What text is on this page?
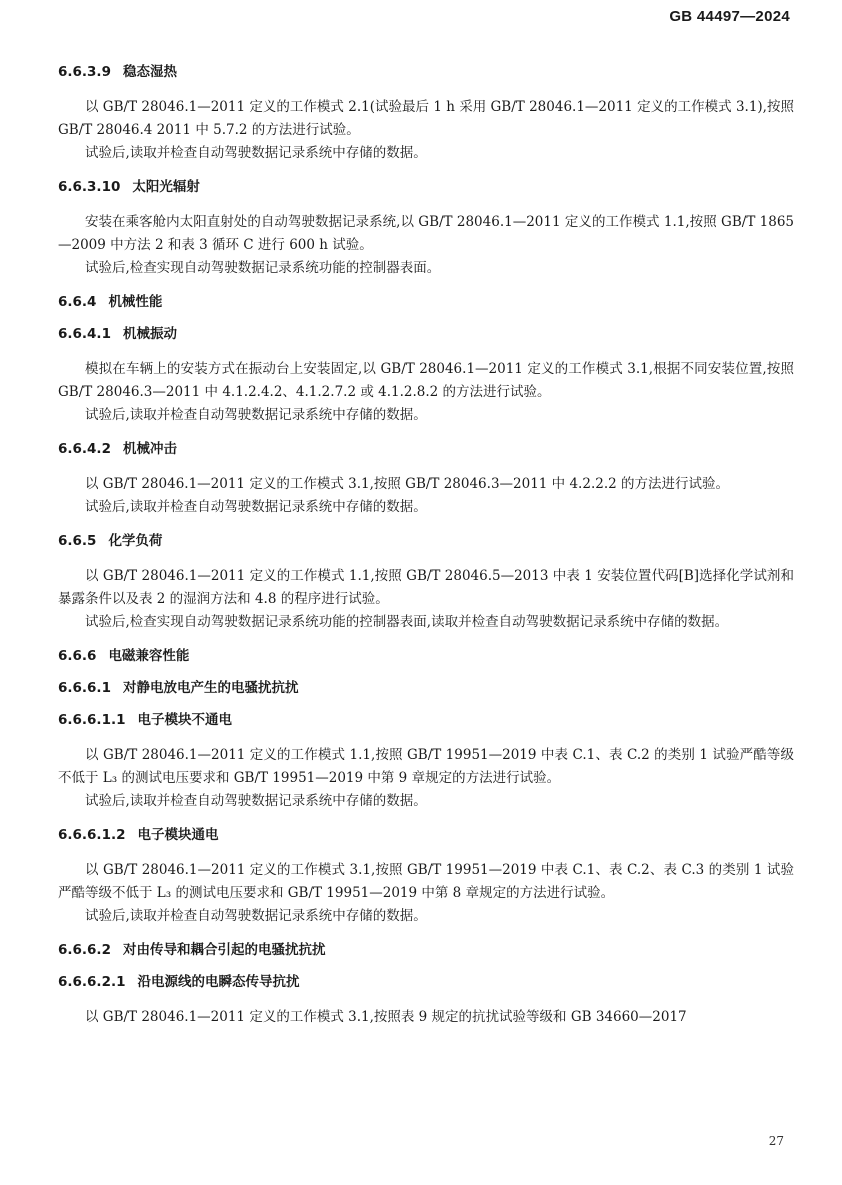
GB 44497—2024
6.6.3.9 稳态湿热

以 GB/T 28046.1—2011 定义的工作模式 2.1(试验最后 1 h 采用 GB/T 28046.1—2011 定义的工作模式 3.1),按照 GB/T 28046.4 2011 中 5.7.2 的方法进行试验。

试验后,读取并检查自动驾驶数据记录系统中存储的数据。

6.6.3.10 太阳光辐射

安装在乘客舱内太阳直射处的自动驾驶数据记录系统,以 GB/T 28046.1—2011 定义的工作模式 1.1,按照 GB/T 1865—2009 中方法 2 和表 3 循环 C 进行 600 h 试验。

试验后,检查实现自动驾驶数据记录系统功能的控制器表面。

6.6.4 机械性能
6.6.4.1 机械振动

模拟在车辆上的安装方式在振动台上安装固定,以 GB/T 28046.1—2011 定义的工作模式 3.1,根据不同安装位置,按照 GB/T 28046.3—2011 中 4.1.2.4.2、4.1.2.7.2 或 4.1.2.8.2 的方法进行试验。

试验后,读取并检查自动驾驶数据记录系统中存储的数据。

6.6.4.2 机械冲击

以 GB/T 28046.1—2011 定义的工作模式 3.1,按照 GB/T 28046.3—2011 中 4.2.2.2 的方法进行试验。

试验后,读取并检查自动驾驶数据记录系统中存储的数据。

6.6.5 化学负荷

以 GB/T 28046.1—2011 定义的工作模式 1.1,按照 GB/T 28046.5—2013 中表 1 安装位置代码[B]选择化学试剂和暴露条件以及表 2 的湿润方法和 4.8 的程序进行试验。

试验后,检查实现自动驾驶数据记录系统功能的控制器表面,读取并检查自动驾驶数据记录系统中存储的数据。

6.6.6 电磁兼容性能
6.6.6.1 对静电放电产生的电骚扰抗扰
6.6.6.1.1 电子模块不通电

以 GB/T 28046.1—2011 定义的工作模式 1.1,按照 GB/T 19951—2019 中表 C.1、表 C.2 的类别 1 试验严酷等级不低于 L₃ 的测试电压要求和 GB/T 19951—2019 中第 9 章规定的方法进行试验。

试验后,读取并检查自动驾驶数据记录系统中存储的数据。

6.6.6.1.2 电子模块通电

以 GB/T 28046.1—2011 定义的工作模式 3.1,按照 GB/T 19951—2019 中表 C.1、表 C.2、表 C.3 的类别 1 试验严酷等级不低于 L₃ 的测试电压要求和 GB/T 19951—2019 中第 8 章规定的方法进行试验。

试验后,读取并检查自动驾驶数据记录系统中存储的数据。

6.6.6.2 对由传导和耦合引起的电骚扰抗扰
6.6.6.2.1 沿电源线的电瞬态传导抗扰

以 GB/T 28046.1—2011 定义的工作模式 3.1,按照表 9 规定的抗扰试验等级和 GB 34660—2017

27
